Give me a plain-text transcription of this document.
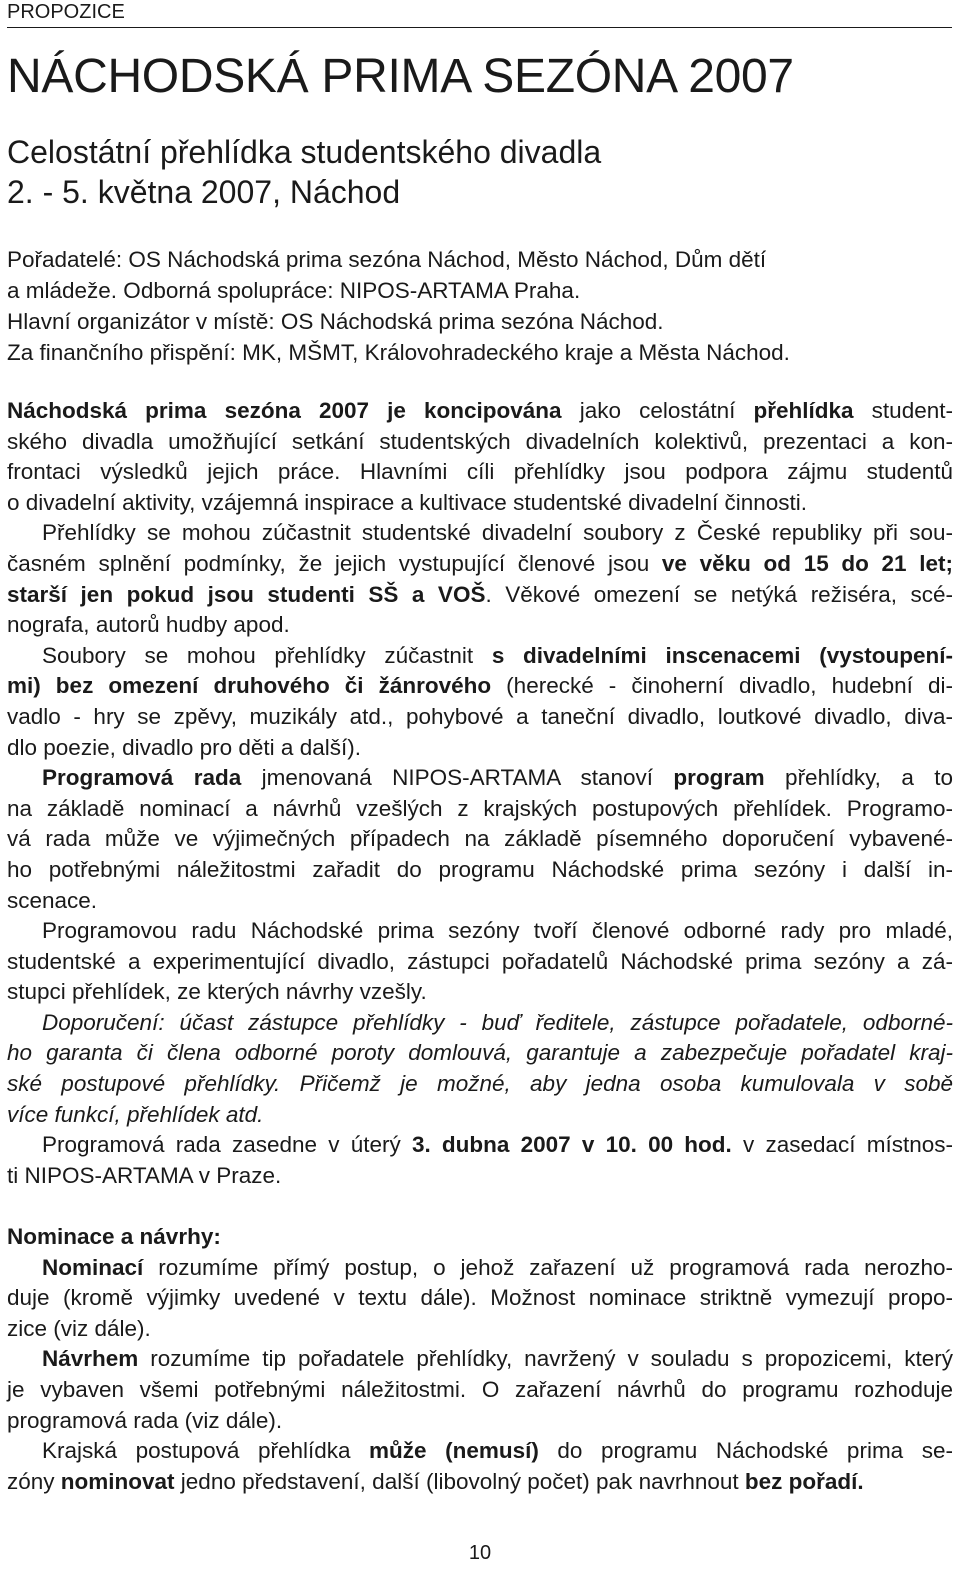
PROPOZICE
NÁCHODSKÁ PRIMA SEZÓNA 2007
Celostátní přehlídka studentského divadla
2. - 5. května 2007, Náchod
Pořadatelé: OS Náchodská prima sezóna Náchod, Město Náchod, Dům dětí
a mládeže. Odborná spolupráce: NIPOS-ARTAMA Praha.
Hlavní organizátor v místě: OS Náchodská prima sezóna Náchod.
Za finančního přispění: MK, MŠMT, Královohradeckého kraje a Města Náchod.
Náchodská prima sezóna 2007 je koncipována jako celostátní přehlídka student-
ského divadla umožňující setkání studentských divadelních kolektivů, prezentaci a kon-
frontaci výsledků jejich práce. Hlavními cíli přehlídky jsou podpora zájmu studentů
o divadelní aktivity, vzájemná inspirace a kultivace studentské divadelní činnosti.
Přehlídky se mohou zúčastnit studentské divadelní soubory z České republiky při sou-
časném splnění podmínky, že jejich vystupující členové jsou ve věku od 15 do 21 let;
starší jen pokud jsou studenti SŠ a VOŠ. Věkové omezení se netýká režiséra, scé-
nografa, autorů hudby apod.
Soubory se mohou přehlídky zúčastnit s divadelními inscenacemi (vystoupení-
mi) bez omezení druhového či žánrového (herecké - činoherní divadlo, hudební di-
vadlo - hry se zpěvy, muzikály atd., pohybové a taneční divadlo, loutkové divadlo, diva-
dlo poezie, divadlo pro děti a další).
Programová rada jmenovaná NIPOS-ARTAMA stanoví program přehlídky, a to
na základě nominací a návrhů vzešlých z krajských postupových přehlídek. Programo-
vá rada může ve výjimečných případech na základě písemného doporučení vybavené-
ho potřebnými náležitostmi zařadit do programu Náchodské prima sezóny i další in-
scenace.
Programovou radu Náchodské prima sezóny tvoří členové odborné rady pro mladé,
studentské a experimentující divadlo, zástupci pořadatelů Náchodské prima sezóny a zá-
stupci přehlídek, ze kterých návrhy vzešly.
Doporučení: účast zástupce přehlídky - buď ředitele, zástupce pořadatele, odborné-
ho garanta či člena odborné poroty domlouvá, garantuje a zabezpečuje pořadatel kraj-
ské postupové přehlídky. Přičemž je možné, aby jedna osoba kumulovala v sobě
více funkcí, přehlídek atd.
Programová rada zasedne v úterý 3. dubna 2007 v 10. 00 hod. v zasedací místnos-
ti NIPOS-ARTAMA v Praze.
Nominace a návrhy:
Nominací rozumíme přímý postup, o jehož zařazení už programová rada nerozho-
duje (kromě výjimky uvedené v textu dále). Možnost nominace striktně vymezují propo-
zice (viz dále).
Návrhem rozumíme tip pořadatele přehlídky, navržený v souladu s propozicemi, který
je vybaven všemi potřebnými náležitostmi. O zařazení návrhů do programu rozhoduje
programová rada (viz dále).
Krajská postupová přehlídka může (nemusí) do programu Náchodské prima se-
zóny nominovat jedno představení, další (libovolný počet) pak navrhnout bez pořadí.
10
